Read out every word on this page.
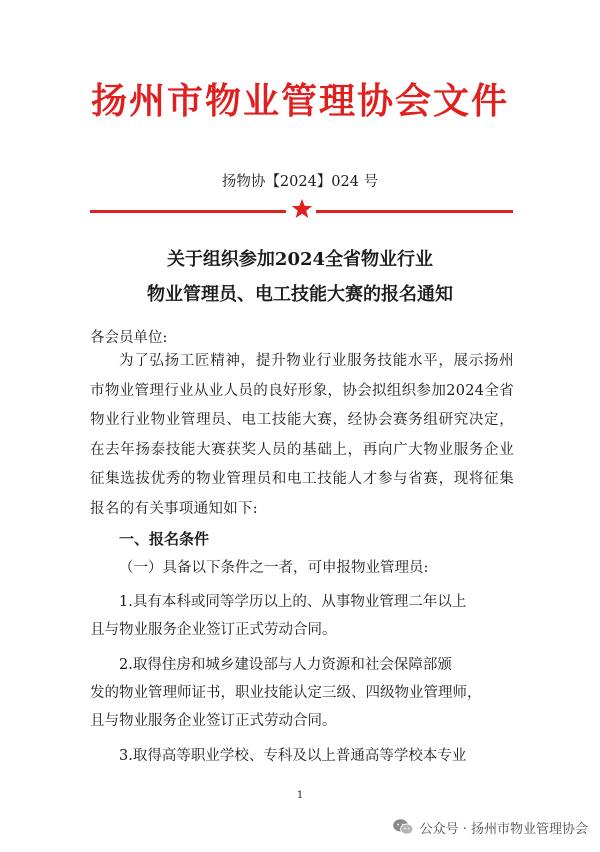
扬州市物业管理协会文件
扬物协【2024】024 号
关于组织参加2024全省物业行业
物业管理员、电工技能大赛的报名通知
各会员单位:
为了弘扬工匠精神，提升物业行业服务技能水平，展示扬州市物业管理行业从业人员的良好形象，协会拟组织参加2024全省物业行业物业管理员、电工技能大赛，经协会赛务组研究决定，在去年扬泰技能大赛获奖人员的基础上，再向广大物业服务企业征集选拔优秀的物业管理员和电工技能人才参与省赛，现将征集报名的有关事项通知如下:
一、报名条件
（一）具备以下条件之一者，可申报物业管理员:
1.具有本科或同等学历以上的、从事物业管理二年以上
且与物业服务企业签订正式劳动合同。
2.取得住房和城乡建设部与人力资源和社会保障部颁
发的物业管理师证书，职业技能认定三级、四级物业管理师，
且与物业服务企业签订正式劳动合同。
3.取得高等职业学校、专科及以上普通高等学校本专业
1
公众号 · 扬州市物业管理协会
